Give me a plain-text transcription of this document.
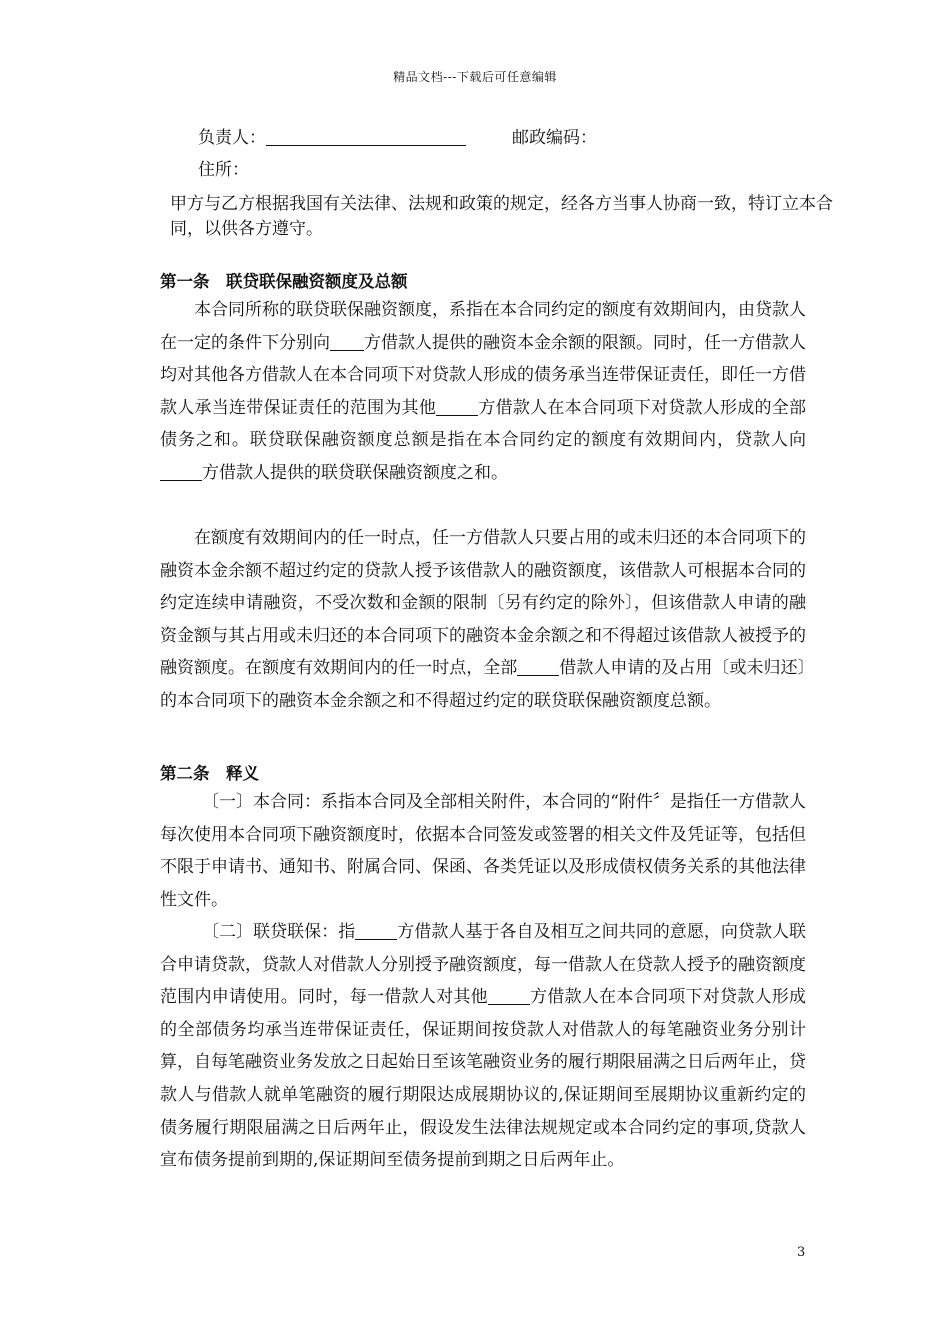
精品文档---下载后可任意编辑
负责人：	邮政编码：
住所：
甲方与乙方根据我国有关法律、法规和政策的规定，经各方当事人协商一致，特订立本合
同，以供各方遵守。
第一条　联贷联保融资额度及总额
本合同所称的联贷联保融资额度，系指在本合同约定的额度有效期间内，由贷款人在一定的条件下分别向 方借款人提供的融资本金余额的限额。同时，任一方借款人均对其他各方借款人在本合同项下对贷款人形成的债务承当连带保证责任，即任一方借款人承当连带保证责任的范围为其他 方借款人在本合同项下对贷款人形成的全部债务之和。联贷联保融资额度总额是指在本合同约定的额度有效期间内，贷款人向方借款人提供的联贷联保融资额度之和。
在额度有效期间内的任一时点，任一方借款人只要占用的或未归还的本合同项下的融资本金余额不超过约定的贷款人授予该借款人的融资额度，该借款人可根据本合同的约定连续申请融资，不受次数和金额的限制〔另有约定的除外〕，但该借款人申请的融资金额与其占用或未归还的本合同项下的融资本金余额之和不得超过该借款人被授予的融资额度。在额度有效期间内的任一时点，全部 借款人申请的及占用〔或未归还〕的本合同项下的融资本金余额之和不得超过约定的联贷联保融资额度总额。
第二条　释义
〔一〕本合同：系指本合同及全部相关附件，本合同的“附件〞是指任一方借款人每次使用本合同项下融资额度时，依据本合同签发或签署的相关文件及凭证等，包括但不限于申请书、通知书、附属合同、保函、各类凭证以及形成债权债务关系的其他法律性文件。
〔二〕联贷联保：指 方借款人基于各自及相互之间共同的意愿，向贷款人联合申请贷款，贷款人对借款人分别授予融资额度，每一借款人在贷款人授予的融资额度范围内申请使用。同时，每一借款人对其他 方借款人在本合同项下对贷款人形成的全部债务均承当连带保证责任，保证期间按贷款人对借款人的每笔融资业务分别计算，自每笔融资业务发放之日起始日至该笔融资业务的履行期限届满之日后两年止，贷款人与借款人就单笔融资的履行期限达成展期协议的,保证期间至展期协议重新约定的债务履行期限届满之日后两年止，假设发生法律法规规定或本合同约定的事项,贷款人宣布债务提前到期的,保证期间至债务提前到期之日后两年止。
3
